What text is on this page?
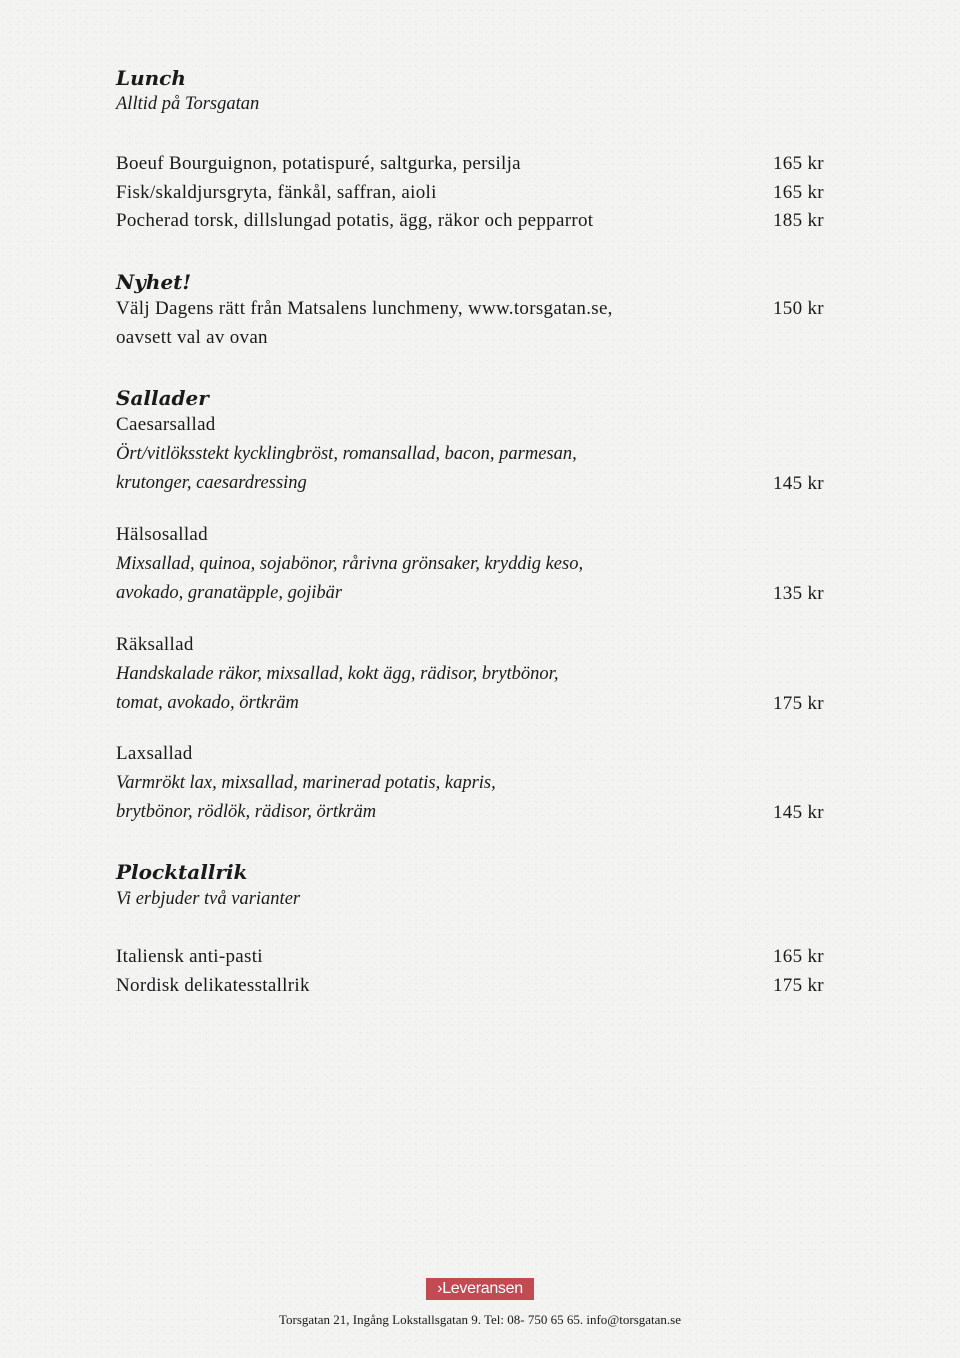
Lunch
Alltid på Torsgatan
Boeuf Bourguignon, potatispuré, saltgurka, persilja	165 kr
Fisk/skaldjursgryta, fänkål, saffran, aioli	165 kr
Pocherad torsk, dillslungad potatis, ägg, räkor och pepparrot	185 kr
Nyhet!
Välj Dagens rätt från Matsalens lunchmeny, www.torsgatan.se,	150 kr
oavsett val av ovan
Sallader
Caesarsallad
Ört/vitlöksstekt kycklingbröst, romansallad, bacon, parmesan,
krutonger, caesardressing	145 kr
Hälsosallad
Mixsallad, quinoa, sojabönor, rårivna grönsaker, kryddig keso,
avokado, granatäpple, gojibär	135 kr
Räksallad
Handskalade räkor, mixsallad, kokt ägg, rädisor, brytbönor,
tomat, avokado, örtkräm	175 kr
Laxsallad
Varmrökt lax, mixsallad, marinerad potatis, kapris,
brytbönor, rödlök, rädisor, örtkräm	145 kr
Plocktallrik
Vi erbjuder två varianter
Italiensk anti-pasti	165 kr
Nordisk delikatesstallrik	175 kr
›Leveransen
Torsgatan 21, Ingång Lokstallsgatan 9. Tel: 08- 750 65 65. info@torsgatan.se
